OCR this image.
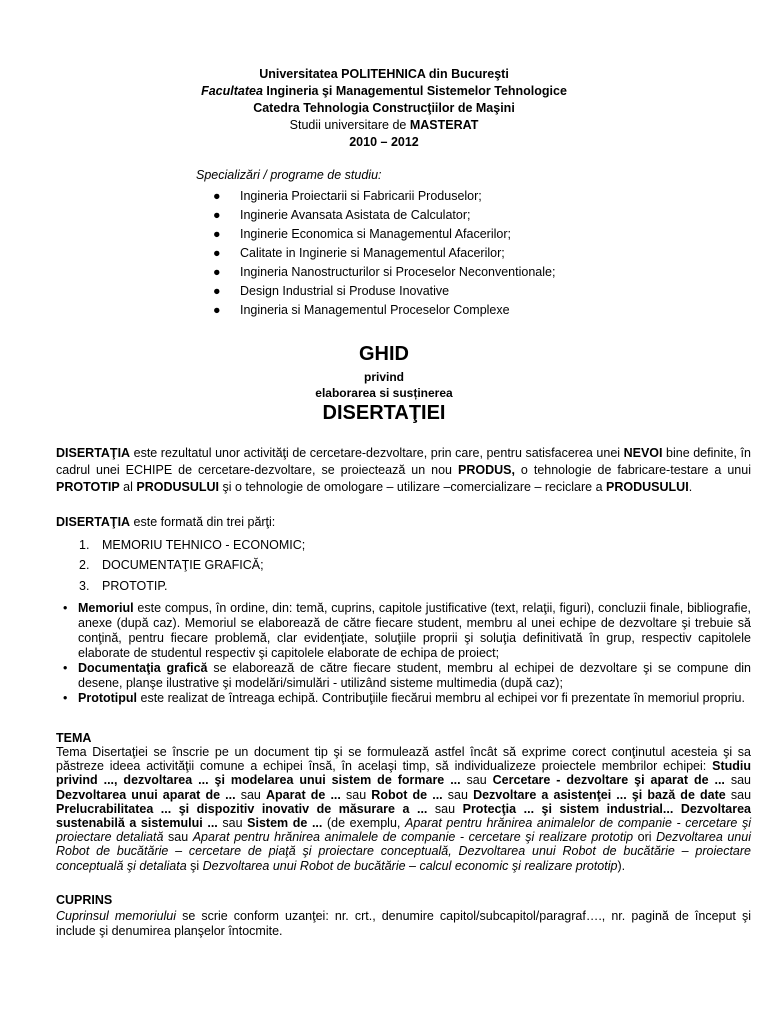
Universitatea POLITEHNICA din Bucureşti
Facultatea Ingineria şi Managementul Sistemelor Tehnologice
Catedra Tehnologia Construcţiilor de Maşini
Studii universitare de MASTERAT
2010 – 2012
Specializări / programe de studiu:
● Ingineria Proiectarii si Fabricarii Produselor;
● Inginerie Avansata Asistata de Calculator;
● Inginerie Economica si Managementul Afacerilor;
● Calitate in Inginerie si Managementul Afacerilor;
● Ingineria Nanostructurilor si Proceselor Neconventionale;
● Design Industrial si Produse Inovative
● Ingineria si Managementul Proceselor Complexe
GHID
privind
elaborarea si susținerea
DISERTAŢIEI
DISERTAŢIA este rezultatul unor activităţi de cercetare-dezvoltare, prin care, pentru satisfacerea unei NEVOI bine definite, în cadrul unei ECHIPE de cercetare-dezvoltare, se proiectează un nou PRODUS, o tehnologie de fabricare-testare a unui PROTOTIP al PRODUSULUI şi o tehnologie de omologare – utilizare –comercializare – reciclare a PRODUSULUI.
DISERTAŢIA este formată din trei părţi:
1. MEMORIU TEHNICO - ECONOMIC;
2. DOCUMENTAŢIE GRAFICĂ;
3. PROTOTIP.
• Memoriul este compus, în ordine, din: temă, cuprins, capitole justificative (text, relaţii, figuri), concluzii finale, bibliografie, anexe (după caz). Memoriul se elaborează de către fiecare student, membru al unei echipe de dezvoltare şi trebuie să conţină, pentru fiecare problemă, clar evidenţiate, soluţiile proprii şi soluţia definitivată în grup, respectiv capitolele elaborate de studentul respectiv şi capitolele elaborate de echipa de proiect;
• Documentaţia grafică se elaborează de către fiecare student, membru al echipei de dezvoltare şi se compune din desene, planşe ilustrative şi modelări/simulări - utilizând sisteme multimedia (după caz);
• Prototipul este realizat de întreaga echipă. Contribuţiile fiecărui membru al echipei vor fi prezentate în memoriul propriu.
TEMA
Tema Disertaţiei se înscrie pe un document tip şi se formulează astfel încât să exprime corect conţinutul acesteia şi sa păstreze ideea activităţii comune a echipei însă, în acelaşi timp, să individualizeze proiectele membrilor echipei: Studiu privind ..., dezvoltarea ... şi modelarea unui sistem de formare ... sau Cercetare - dezvoltare şi aparat de ... sau Dezvoltarea unui aparat de ... sau Aparat de ... sau Robot de ... sau Dezvoltare a asistenţei ... şi bază de date sau Prelucrabilitatea ... şi dispozitiv inovativ de măsurare a ... sau Protecţia ... şi sistem industrial... Dezvoltarea sustenabilă a sistemului ... sau Sistem de ... (de exemplu, Aparat pentru hrănirea animalelor de companie - cercetare şi proiectare detaliată sau Aparat pentru hrănirea animalele de companie - cercetare şi realizare prototip ori Dezvoltarea unui Robot de bucătărie – cercetare de piaţă şi proiectare conceptuală, Dezvoltarea unui Robot de bucătărie – proiectare conceptuală şi detaliata şi Dezvoltarea unui Robot de bucătărie – calcul economic şi realizare prototip).
CUPRINS
Cuprinsul memoriului se scrie conform uzanţei: nr. crt., denumire capitol/subcapitol/paragraf…., nr. pagină de început şi include şi denumirea planşelor întocmite.
